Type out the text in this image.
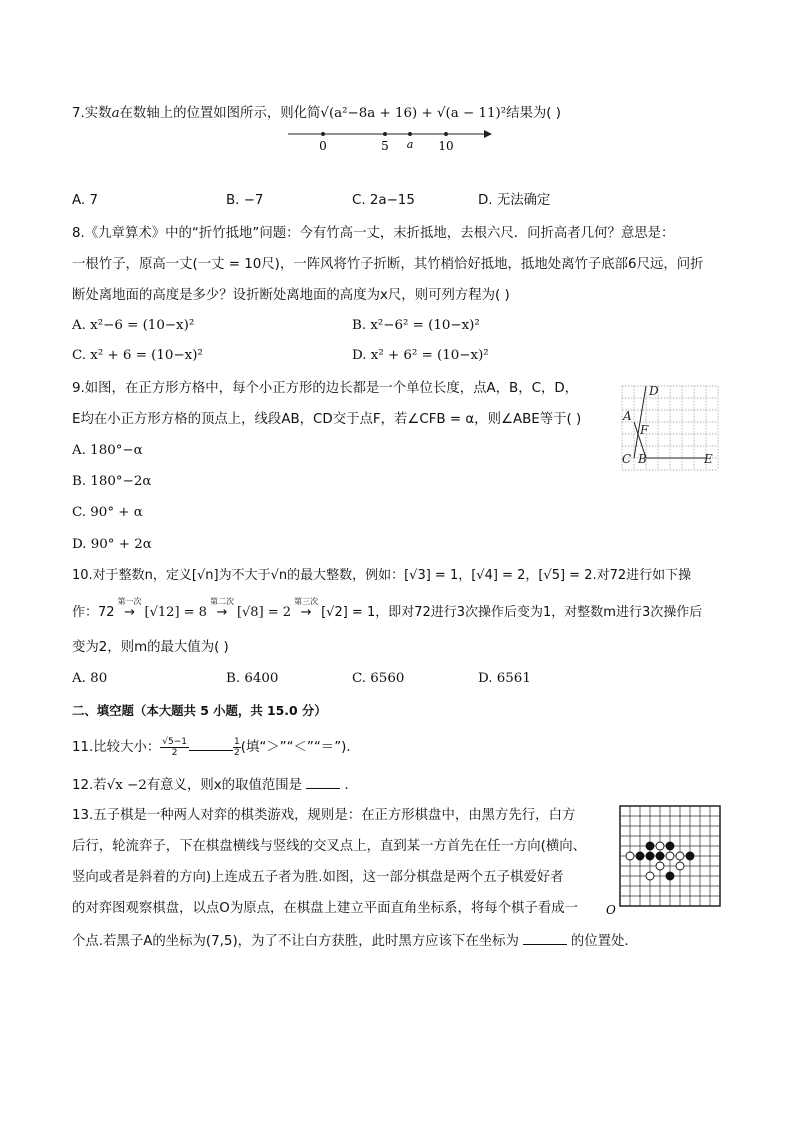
7.实数a在数轴上的位置如图所示，则化简√(a²−8a + 16) + √(a − 11)²结果为( )
0	5 a 10
A. 7	B. −7	C. 2a−15	D. 无法确定
8.《九章算术》中的“折竹抵地”问题：今有竹高一丈，末折抵地，去根六尺．问折高者几何？意思是：
一根竹子，原高一丈(一丈 = 10尺)，一阵风将竹子折断，其竹梢恰好抵地，抵地处离竹子底部6尺远，问折
断处离地面的高度是多少？设折断处离地面的高度为x尺，则可列方程为( )
A. x²−6 = (10−x)²	B. x²−6² = (10−x)²
C. x² + 6 = (10−x)²	D. x² + 6² = (10−x)²
9.如图，在正方形方格中，每个小正方形的边长都是一个单位长度，点A，B，C，D，
E均在小正方形方格的顶点上，线段AB，CD交于点F，若∠CFB = α，则∠ABE等于( )
A. 180°−α
B. 180°−2α
C. 90° + α
D. 90° + 2α
D
A
F
C B	E
10.对于整数n，定义[√n]为不大于√n的最大整数，例如：[√3] = 1，[√4] = 2，[√5] = 2.对72进行如下操
作：72
第一次
→ [√12] = 8
第二次
→ [√8] = 2
第三次
→ [√2] = 1，即对72进行3次操作后变为1，对整数m进行3次操作后
变为2，则m的最大值为( )
A. 80	B. 6400	C. 6560	D. 6561
二、填空题（本大题共 5 小题，共 15.0 分）
11.比较大小： $\frac{√5-1}{2}$	$\frac{1}{2}$ (填“＞”“＜”“＝”)．
12.若√x −2有意义，则x的取值范围是	．
13.五子棋是一种两人对弈的棋类游戏，规则是：在正方形棋盘中，由黑方先行，白方
后行，轮流弈子，下在棋盘横线与竖线的交叉点上，直到某一方首先在任一方向(横向、
竖向或者是斜着的方向)上连成五子者为胜.如图，这一部分棋盘是两个五子棋爱好者
的对弈图观察棋盘，以点O为原点，在棋盘上建立平面直角坐标系，将每个棋子看成一
个点.若黑子A的坐标为(7,5)，为了不让白方获胜，此时黑方应该下在坐标为	的位置处．
O
